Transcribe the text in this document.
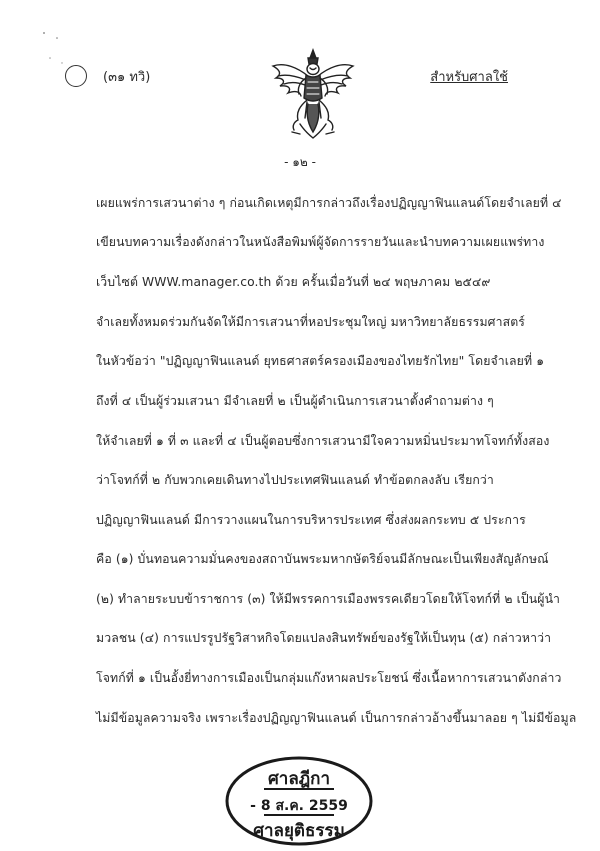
(๓๑ ทวิ)	สำหรับศาลใช้
- ๑๒ -
เผยแพร่การเสวนาต่าง ๆ ก่อนเกิดเหตุมีการกล่าวถึงเรื่องปฏิญญาฟินแลนด์โดยจำเลยที่ ๔
เขียนบทความเรื่องดังกล่าวในหนังสือพิมพ์ผู้จัดการรายวันและนำบทความเผยแพร่ทาง
เว็บไซต์ WWW.manager.co.th ด้วย ครั้นเมื่อวันที่ ๒๔ พฤษภาคม ๒๕๔๙
จำเลยทั้งหมดร่วมกันจัดให้มีการเสวนาที่หอประชุมใหญ่ มหาวิทยาลัยธรรมศาสตร์
ในหัวข้อว่า "ปฏิญญาฟินแลนด์ ยุทธศาสตร์ครองเมืองของไทยรักไทย" โดยจำเลยที่ ๑
ถึงที่ ๔ เป็นผู้ร่วมเสวนา มีจำเลยที่ ๒ เป็นผู้ดำเนินการเสวนาตั้งคำถามต่าง ๆ
ให้จำเลยที่ ๑ ที่ ๓ และที่ ๔ เป็นผู้ตอบซึ่งการเสวนามีใจความหมิ่นประมาทโจทก์ทั้งสอง
ว่าโจทก์ที่ ๒ กับพวกเคยเดินทางไปประเทศฟินแลนด์ ทำข้อตกลงลับ เรียกว่า
ปฏิญญาฟินแลนด์ มีการวางแผนในการบริหารประเทศ ซึ่งส่งผลกระทบ ๕ ประการ
คือ (๑) บั่นทอนความมั่นคงของสถาบันพระมหากษัตริย์จนมีลักษณะเป็นเพียงสัญลักษณ์
(๒) ทำลายระบบข้าราชการ (๓) ให้มีพรรคการเมืองพรรคเดียวโดยให้โจทก์ที่ ๒ เป็นผู้นำ
มวลชน (๔) การแปรรูปรัฐวิสาหกิจโดยแปลงสินทรัพย์ของรัฐให้เป็นทุน (๕) กล่าวหาว่า
โจทก์ที่ ๑ เป็นอั้งยี่ทางการเมืองเป็นกลุ่มแก๊งหาผลประโยชน์ ซึ่งเนื้อหาการเสวนาดังกล่าว
ไม่มีข้อมูลความจริง เพราะเรื่องปฏิญญาฟินแลนด์ เป็นการกล่าวอ้างขึ้นมาลอย ๆ ไม่มีข้อมูล
ศาลฎีกา
- 8 ส.ค. 2559
ศาลยุติธรรม
